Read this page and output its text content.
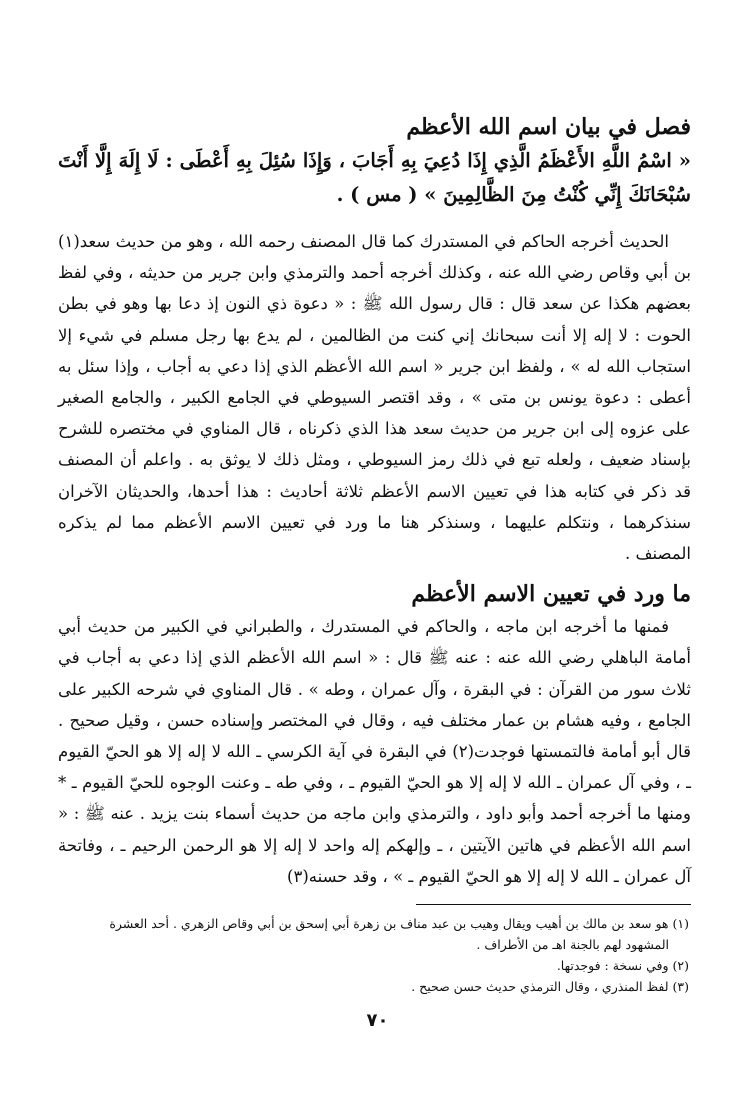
فصل في بيان اسم الله الأعظم

« اسْمُ اللَّهِ الأَعْظَمُ الَّذِي إِذَا دُعِيَ بِهِ أَجَابَ ، وَإِذَا سُئِلَ بِهِ أَعْطَى : لَا إِلَهَ إِلَّا أَنْتَ سُبْحَانَكَ إِنِّي كُنْتُ مِنَ الظَّالِمِينَ » ( مس ) .

الحديث أخرجه الحاكم في المستدرك كما قال المصنف رحمه الله ، وهو من حديث سعد(١) بن أبي وقاص رضي الله عنه ، وكذلك أخرجه أحمد والترمذي وابن جرير من حديثه ، وفي لفظ بعضهم هكذا عن سعد قال : قال رسول الله ﷺ : « دعوة ذي النون إذ دعا بها وهو في بطن الحوت : لا إله إلا أنت سبحانك إني كنت من الظالمين ، لم يدع بها رجل مسلم في شيء إلا استجاب الله له » ، ولفظ ابن جرير « اسم الله الأعظم الذي إذا دعي به أجاب ، وإذا سئل به أعطى : دعوة يونس بن متى » ، وقد اقتصر السيوطي في الجامع الكبير ، والجامع الصغير على عزوه إلى ابن جرير من حديث سعد هذا الذي ذكرناه ، قال المناوي في مختصره للشرح بإسناد ضعيف ، ولعله تبع في ذلك رمز السيوطي ، ومثل ذلك لا يوثق به . واعلم أن المصنف قد ذكر في كتابه هذا في تعيين الاسم الأعظم ثلاثة أحاديث : هذا أحدها، والحديثان الآخران سنذكرهما ، ونتكلم عليهما ، وسنذكر هنا ما ورد في تعيين الاسم الأعظم مما لم يذكره المصنف .

ما ورد في تعيين الاسم الأعظم

فمنها ما أخرجه ابن ماجه ، والحاكم في المستدرك ، والطبراني في الكبير من حديث أبي أمامة الباهلي رضي الله عنه : عنه ﷺ قال : « اسم الله الأعظم الذي إذا دعي به أجاب في ثلاث سور من القرآن : في البقرة ، وآل عمران ، وطه » . قال المناوي في شرحه الكبير على الجامع ، وفيه هشام بن عمار مختلف فيه ، وقال في المختصر وإسناده حسن ، وقيل صحيح . قال أبو أمامة فالتمستها فوجدت(٢) في البقرة في آية الكرسي ـ الله لا إله إلا هو الحيّ القيوم ـ ، وفي آل عمران ـ الله لا إله إلا هو الحيّ القيوم ـ ، وفي طه ـ وعنت الوجوه للحيّ القيوم ـ * ومنها ما أخرجه أحمد وأبو داود ، والترمذي وابن ماجه من حديث أسماء بنت يزيد . عنه ﷺ : « اسم الله الأعظم في هاتين الآيتين ، ـ وإلهكم إله واحد لا إله إلا هو الرحمن الرحيم ـ ، وفاتحة آل عمران ـ الله لا إله إلا هو الحيّ القيوم ـ » ، وقد حسنه(٣)

(١) هو سعد بن مالك بن أهيب ويقال وهيب بن عبد مناف بن زهرة أبي إسحق بن أبي وقاص الزهري . أحد العشرة

المشهود لهم بالجنة اهـ من الأطراف .

(٢) وفي نسخة : فوجدتها.

(٣) لفظ المنذري ، وقال الترمذي حديث حسن صحيح .

٧٠
